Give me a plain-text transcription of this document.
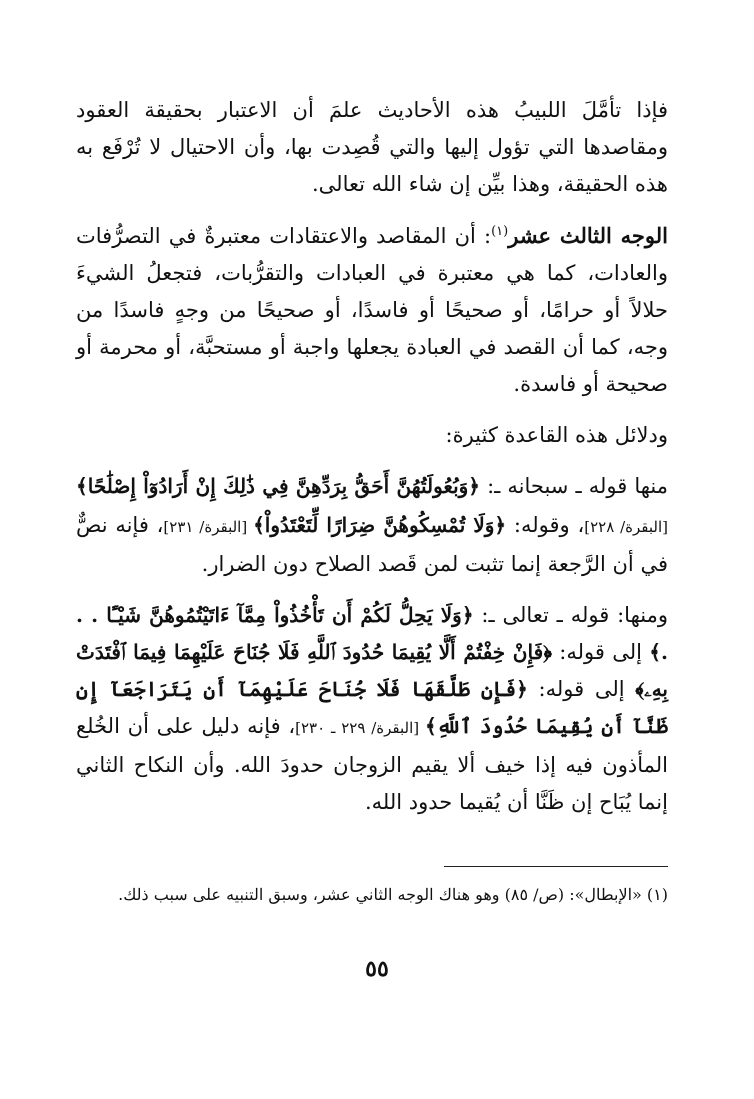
فإذا تأمَّلَ اللبيبُ هذه الأحاديث علمَ أن الاعتبار بحقيقة العقود ومقاصدها التي تؤول إليها والتي قُصِدت بها، وأن الاحتيال لا تُرْفَع به هذه الحقيقة، وهذا بيِّن إن شاء الله تعالى.

الوجه الثالث عشر$^{(١)}$: أن المقاصد والاعتقادات معتبرةٌ في التصرُّفات والعادات، كما هي معتبرة في العبادات والتقرُّبات، فتجعلُ الشيءَ حلالاً أو حرامًا، أو صحيحًا أو فاسدًا، أو صحيحًا من وجهٍ فاسدًا من وجه، كما أن القصد في العبادة يجعلها واجبة أو مستحبَّة، أو محرمة أو صحيحة أو فاسدة.

ودلائل هذه القاعدة كثيرة:

منها قوله ـ سبحانه ـ: ﴿وَبُعُولَتُهُنَّ أَحَقُّ بِرَدِّهِنَّ فِي ذَٰلِكَ إِنْ أَرَادُوٓاْ إِصْلَٰحًا﴾ [البقرة/ ٢٢٨]، وقوله: ﴿وَلَا تُمْسِكُوهُنَّ ضِرَارًا لِّتَعْتَدُواْ﴾ [البقرة/ ٢٣١]، فإنه نصٌّ في أن الرَّجعة إنما تثبت لمن قَصد الصلاح دون الضرار.

ومنها: قوله ـ تعالى ـ: ﴿وَلَا يَحِلُّ لَكُمْ أَن تَأْخُذُواْ مِمَّآ ءَاتَيْتُمُوهُنَّ شَيْـًٔا . . .﴾ إلى قوله: ﴿فَإِنْ خِفْتُمْ أَلَّا يُقِيمَا حُدُودَ ٱللَّهِ فَلَا جُنَاحَ عَلَيْهِمَا فِيمَا ٱفْتَدَتْ بِهِۦ﴾ إلى قوله: ﴿فَإِن طَلَّقَهَا فَلَا جُنَاحَ عَلَيْهِمَآ أَن يَتَرَاجَعَآ إِن ظَنَّآ أَن يُقِيمَا حُدُودَ ٱللَّهِ﴾ [البقرة/ ٢٢٩ ـ ٢٣٠]، فإنه دليل على أن الخُلع المأذون فيه إذا خيف ألا يقيم الزوجان حدودَ الله. وأن النكاح الثاني إنما يُبَاح إن ظَنَّا أن يُقيما حدود الله.

(١) «الإبطال»: (ص/ ٨٥) وهو هناك الوجه الثاني عشر، وسبق التنبيه على سبب ذلك.

٥٥
